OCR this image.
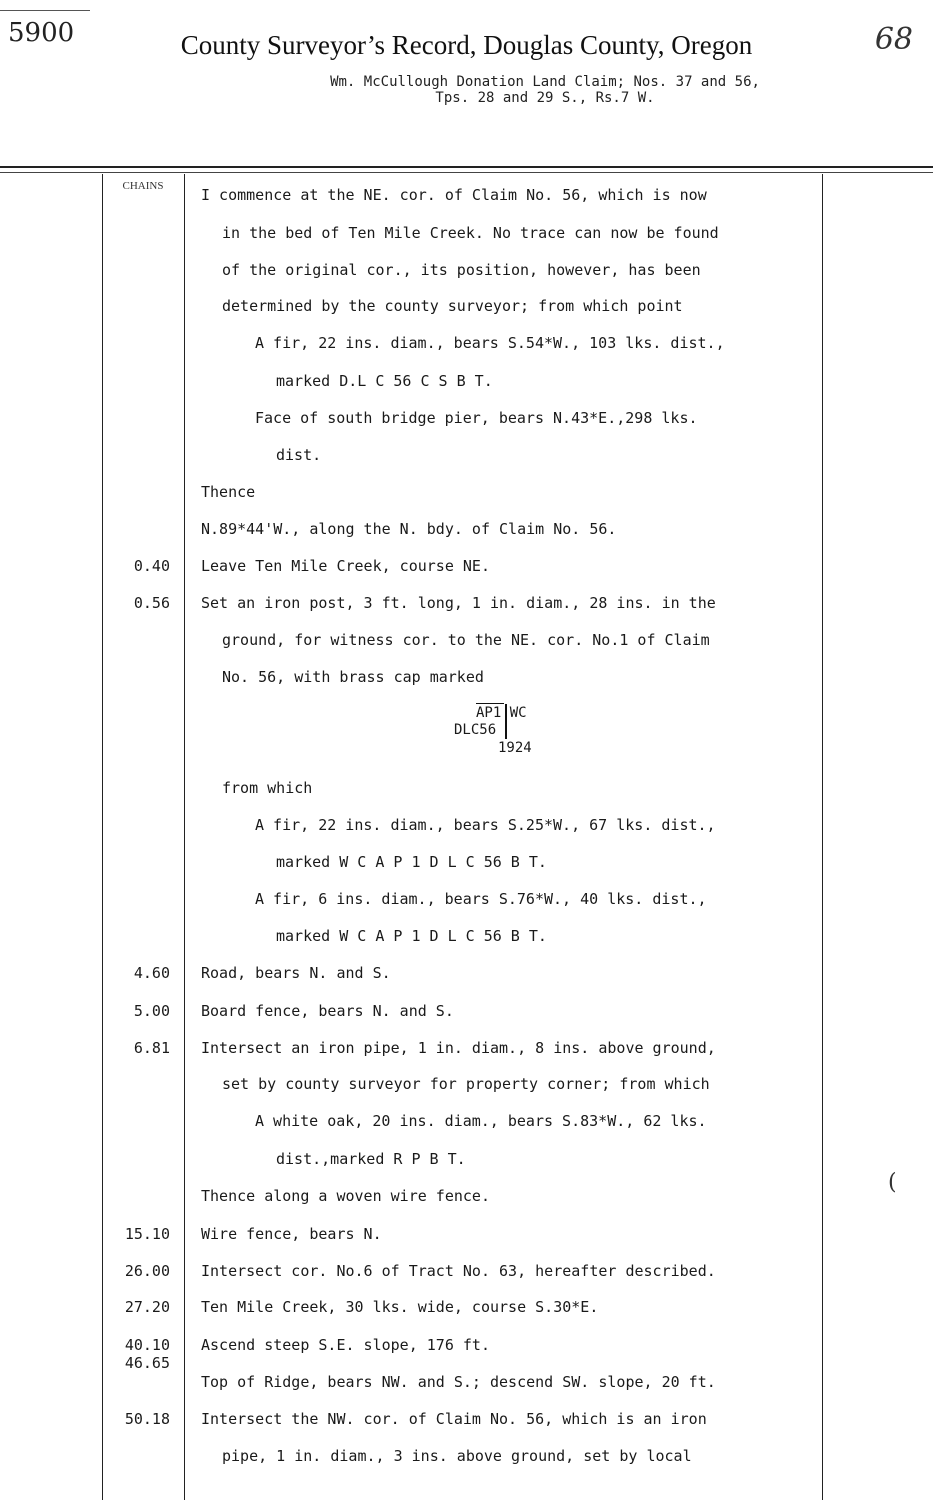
5900	County Surveyor’s Record, Douglas County, Oregon
Wm. McCullough Donation Land Claim; Nos. 37 and 56,
Tps. 28 and 29 S., Rs.7 W.
68
CHAINS
0.40
0.56
4.60
5.00
6.81
15.10
26.00
27.20
40.10
46.65
50.18
I commence at the NE. cor. of Claim No. 56, which is now
in the bed of Ten Mile Creek. No trace can now be found
of the original cor., its position, however, has been
determined by the county surveyor; from which point
A fir, 22 ins. diam., bears S.54*W., 103 lks. dist.,
marked D.L C 56 C S B T.
Face of south bridge pier, bears N.43*E.,298 lks.
dist.
Thence
N.89*44'W., along the N. bdy. of Claim No. 56.
Leave Ten Mile Creek, course NE.
Set an iron post, 3 ft. long, 1 in. diam., 28 ins. in the
ground, for witness cor. to the NE. cor. No.1 of Claim
No. 56, with brass cap marked
AP1 WC
DLC56
1924
from which
A fir, 22 ins. diam., bears S.25*W., 67 lks. dist.,
marked W C A P 1 D L C 56 B T.
A fir, 6 ins. diam., bears S.76*W., 40 lks. dist.,
marked W C A P 1 D L C 56 B T.
Road, bears N. and S.
Board fence, bears N. and S.
Intersect an iron pipe, 1 in. diam., 8 ins. above ground,
set by county surveyor for property corner; from which
A white oak, 20 ins. diam., bears S.83*W., 62 lks.
dist.,marked R P B T.
Thence along a woven wire fence.
Wire fence, bears N.
Intersect cor. No.6 of Tract No. 63, hereafter described.
Ten Mile Creek, 30 lks. wide, course S.30*E.
Ascend steep S.E. slope, 176 ft.
Top of Ridge, bears NW. and S.; descend SW. slope, 20 ft.
Intersect the NW. cor. of Claim No. 56, which is an iron
pipe, 1 in. diam., 3 ins. above ground, set by local
(
